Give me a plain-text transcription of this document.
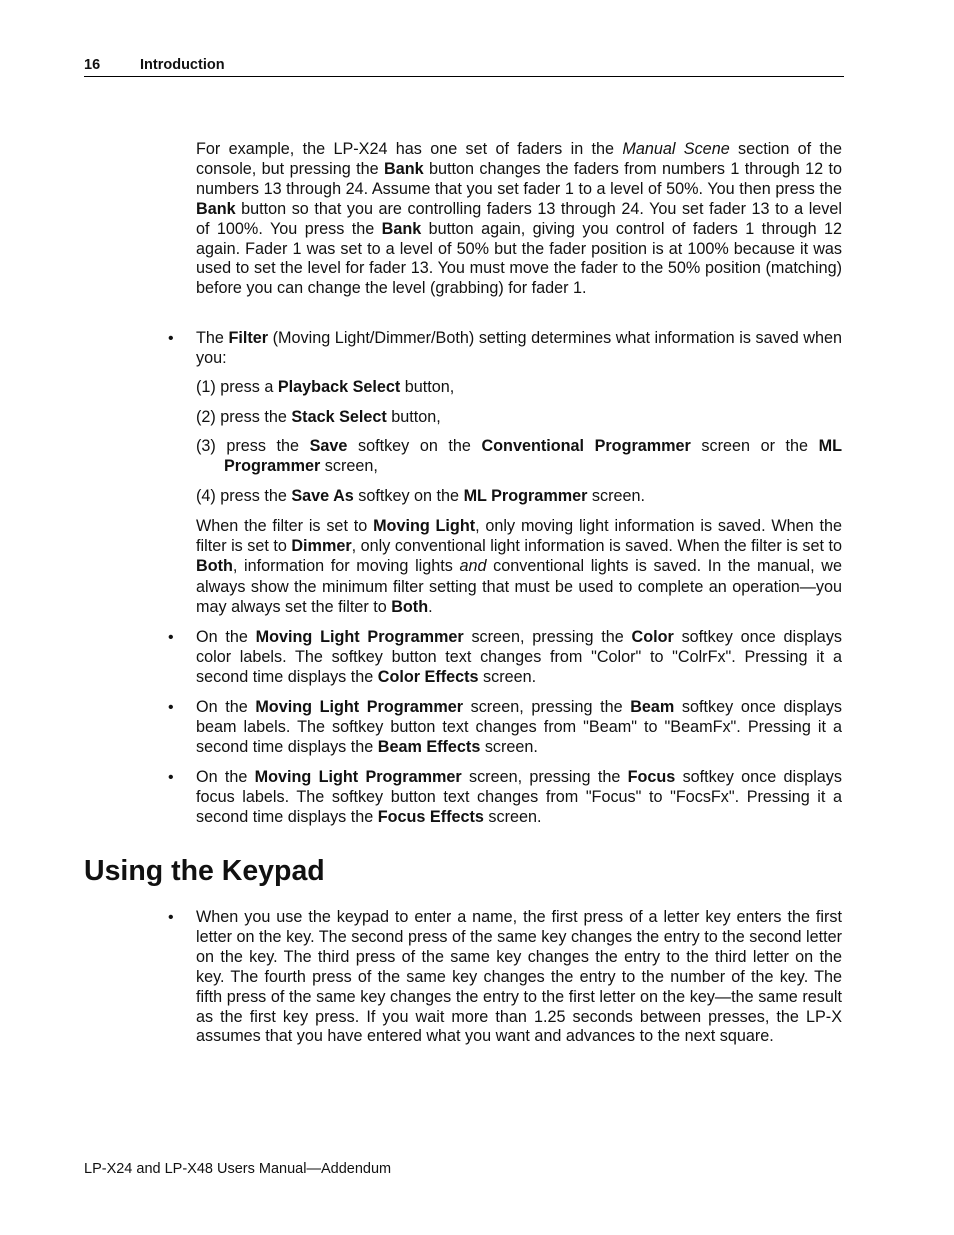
16	Introduction

For example, the LP-X24 has one set of faders in the Manual Scene section of the console, but pressing the Bank button changes the faders from numbers 1 through 12 to numbers 13 through 24. Assume that you set fader 1 to a level of 50%. You then press the Bank button so that you are controlling faders 13 through 24. You set fader 13 to a level of 100%. You press the Bank button again, giving you control of faders 1 through 12 again. Fader 1 was set to a level of 50% but the fader position is at 100% because it was used to set the level for fader 13. You must move the fader to the 50% position (matching) before you can change the level (grabbing) for fader 1.

• The Filter (Moving Light/Dimmer/Both) setting determines what information is saved when you:

(1) press a Playback Select button,

(2) press the Stack Select button,

(3) press the Save softkey on the Conventional Programmer screen or the ML Programmer screen,

(4) press the Save As softkey on the ML Programmer screen.

When the filter is set to Moving Light, only moving light information is saved. When the filter is set to Dimmer, only conventional light information is saved. When the filter is set to Both, information for moving lights and conventional lights is saved. In the manual, we always show the minimum filter setting that must be used to complete an operation—you may always set the filter to Both.

• On the Moving Light Programmer screen, pressing the Color softkey once displays color labels. The softkey button text changes from "Color" to "ColrFx". Pressing it a second time displays the Color Effects screen.

• On the Moving Light Programmer screen, pressing the Beam softkey once displays beam labels. The softkey button text changes from "Beam" to "BeamFx". Pressing it a second time displays the Beam Effects screen.

• On the Moving Light Programmer screen, pressing the Focus softkey once displays focus labels. The softkey button text changes from "Focus" to "FocsFx". Pressing it a second time displays the Focus Effects screen.

Using the Keypad
• When you use the keypad to enter a name, the first press of a letter key enters the first letter on the key. The second press of the same key changes the entry to the second letter on the key. The third press of the same key changes the entry to the third letter on the key. The fourth press of the same key changes the entry to the number of the key. The fifth press of the same key changes the entry to the first letter on the key—the same result as the first key press. If you wait more than 1.25 seconds between presses, the LP-X assumes that you have entered what you want and advances to the next square.

LP-X24 and LP-X48 Users Manual—Addendum
